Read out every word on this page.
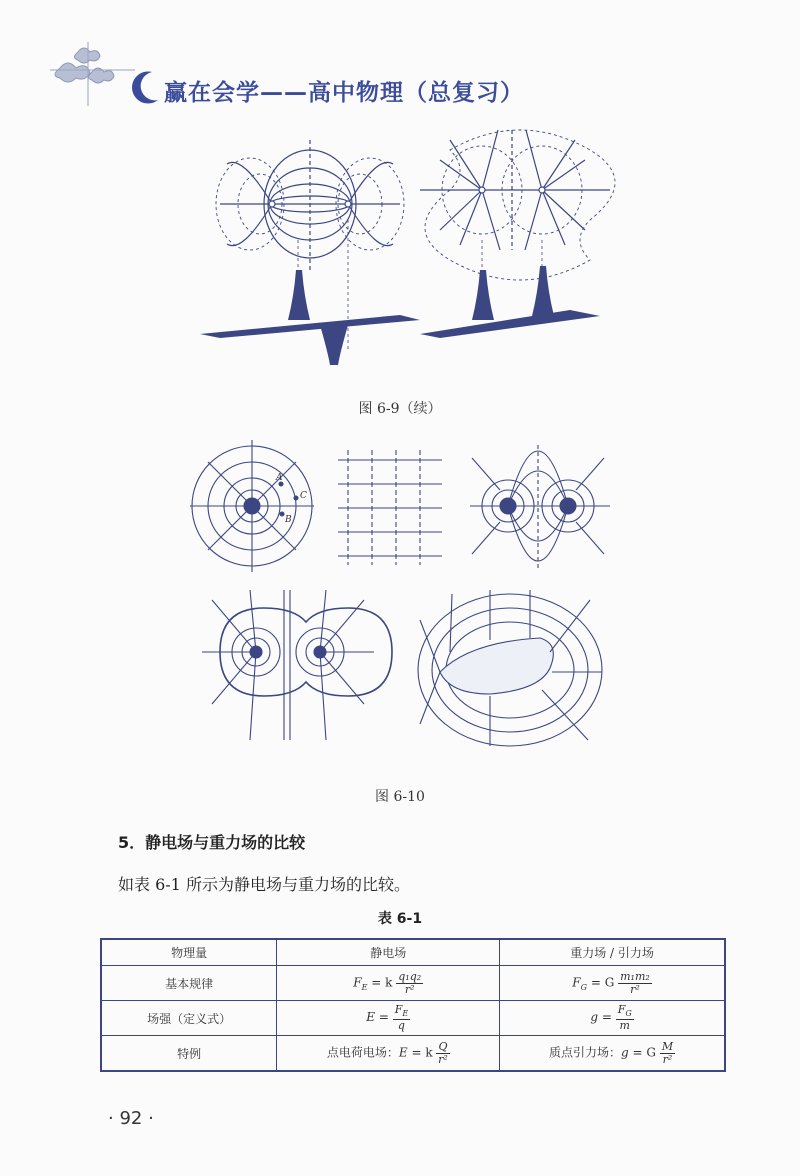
赢在会学——高中物理（总复习）
图 6-9（续）
A
C
B
图 6-10
5．静电场与重力场的比较
如表 6-1 所示为静电场与重力场的比较。
表 6-1
物理量	静电场	重力场 / 引力场
基本规律	$F_E = k \frac{\text{q₁q₂}}{\text{r²}}$	$F_G = G \frac{\text{m₁m₂}}{\text{r²}}$

场强（定义式）	$E = \frac{F_E}{q}$	$g = \frac{F_G}{m}$

特例	点电荷电场：E = k $\frac{Q}{\text{r²}}$	质点引力场：g = G $\frac{M}{\text{r²}}$
· 92 ·
